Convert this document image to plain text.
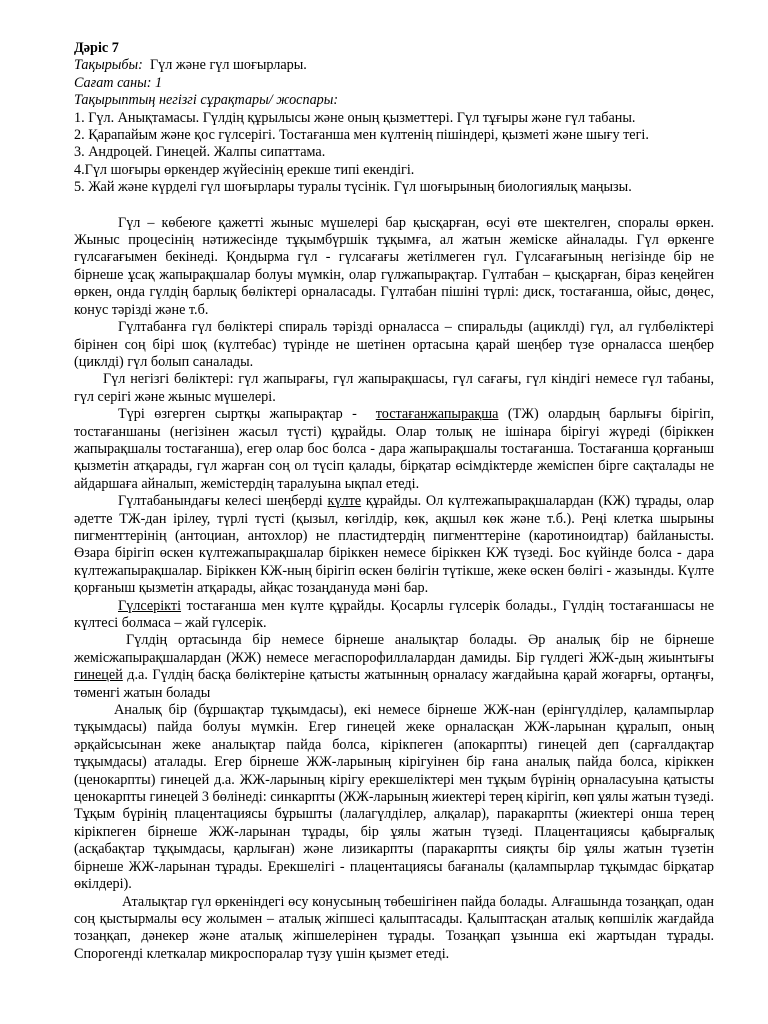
Дәріс 7
Тақырыбы:  Гүл және гүл шоғырлары.
Сағат саны: 1
Тақырыптың негізгі сұрақтары/ жоспары:
1. Гүл. Анықтамасы. Гүлдің құрылысы және оның қызметтері. Гүл тұғыры және гүл табаны.
2. Қарапайым және қос гүлсерігі. Тостағанша мен күлтенің пішіндері, қызметі және шығу тегі.
3. Андроцей. Гинецей. Жалпы сипаттама.
4.Гүл шоғыры өркендер жүйесінің ерекше типі екендігі.
5. Жай және күрделі гүл шоғырлары туралы түсінік. Гүл шоғырының биологиялық маңызы.

Гүл – көбеюге қажетті жыныс мүшелері бар қысқарған, өсуі өте шектелген, споралы өркен. Жыныс процесінің нәтижесінде тұқымбүршік тұқымға, ал жатын жеміске айналады. Гүл өркенге гүлсағағымен бекінеді. Қондырма гүл - гүлсағағы жетілмеген гүл. Гүлсағағының негізінде бір не бірнеше ұсақ жапырақшалар болуы мүмкін, олар гүлжапырақтар. Гүлтабан – қысқарған, біраз кеңейген өркен, онда гүлдің барлық бөліктері орналасады. Гүлтабан пішіні түрлі: диск, тостағанша, ойыс, дөңес, конус тәрізді және т.б.

Гүлтабанға гүл бөліктері спираль тәрізді орналасса – спиральды (ациклді) гүл, ал гүлбөліктері бірінен соң бірі шоқ (күлтебас) түрінде не шетінен ортасына қарай шеңбер түзе орналасса шеңбер (циклді) гүл болып саналады.

Гүл негізгі бөліктері: гүл жапырағы, гүл жапырақшасы, гүл сағағы, гүл кіндігі немесе гүл табаны, гүл серігі және жыныс мүшелері.

Түрі өзгерген сыртқы жапырақтар -  тостағанжапырақша (ТЖ) олардың барлығы бірігіп, тостағаншаны (негізінен жасыл түсті) құрайды. Олар толық не ішінара бірігуі жүреді (біріккен жапырақшалы тостағанша), егер олар бос болса - дара жапырақшалы тостағанша. Тостағанша қорғаныш қызметін атқарады, гүл жарған соң ол түсіп қалады, бірқатар өсімдіктерде жеміспен бірге сақталады не айдаршаға айналып, жемістердің таралуына ықпал етеді.

Гүлтабанындағы келесі шеңберді күлте құрайды. Ол күлтежапырақшалардан (КЖ) тұрады, олар әдетте ТЖ-дан ірілеу, түрлі түсті (қызыл, көгілдір, көк, ақшыл көк және т.б.). Реңі клетка шырыны пигменттерінің (антоциан, антохлор) не пластидтердің пигменттеріне (каротиноидтар) байланысты. Өзара бірігіп өскен күлтежапырақшалар біріккен немесе біріккен КЖ түзеді. Бос күйінде болса - дара күлтежапырақшалар. Біріккен КЖ-ның бірігіп өскен бөлігін түтікше, жеке өскен бөлігі - жазынды. Күлте қорғаныш қызметін атқарады, айқас тозаңдануда мәні бар.

Гүлсерікті тостағанша мен күлте құрайды. Қосарлы гүлсерік болады., Гүлдің тостағаншасы не күлтесі болмаса – жай гүлсерік.

Гүлдің ортасында бір немесе бірнеше аналықтар болады. Әр аналық бір не бірнеше жемісжапырақшалардан (ЖЖ) немесе мегаспорофиллалардан дамиды. Бір гүлдегі ЖЖ-дың жиынтығы гинецей д.а. Гүлдің басқа бөліктеріне қатысты жатынның орналасу жағдайына қарай жоғарғы, ортаңғы, төменгі жатын болады

Аналық бір (бұршақтар тұқымдасы), екі немесе бірнеше ЖЖ-нан (ерінгүлділер, қалампырлар тұқымдасы) пайда болуы мүмкін. Егер гинецей жеке орналасқан ЖЖ-ларынан құралып, оның әрқайсысынан жеке аналықтар пайда болса, кірікпеген (апокарпты) гинецей деп (сарғалдақтар тұқымдасы) аталады. Егер бірнеше ЖЖ-ларының кірігуінен бір ғана аналық пайда болса, кіріккен (ценокарпты) гинецей д.а. ЖЖ-ларының кірігу ерекшеліктері мен тұқым бүрінің орналасуына қатысты ценокарпты гинецей 3 бөлінеді: синкарпты (ЖЖ-ларының жиектері терең кірігіп, көп ұялы жатын түзеді. Тұқым бүрінің плацентациясы бұрышты (лалагүлділер, алқалар), паракарпты (жиектері онша терең кірікпеген бірнеше ЖЖ-ларынан тұрады, бір ұялы жатын түзеді. Плацентациясы қабырғалық (асқабақтар тұқымдасы, қарлыған) және лизикарпты (паракарпты сияқты бір ұялы жатын түзетін бірнеше ЖЖ-ларынан тұрады. Ерекшелігі - плацентациясы бағаналы (қалампырлар тұқымдас бірқатар өкілдері).

Аталықтар гүл өркеніндегі өсу конусының төбешігінен пайда болады. Алғашында тозаңқап, одан соң қыстырмалы өсу жолымен – аталық жіпшесі қалыптасады. Қалыптасқан аталық көпшілік жағдайда тозаңқап, дәнекер және аталық жіпшелерінен тұрады. Тозаңқап ұзынша екі жартыдан тұрады. Спорогенді клеткалар микроспоралар түзу үшін қызмет етеді.
